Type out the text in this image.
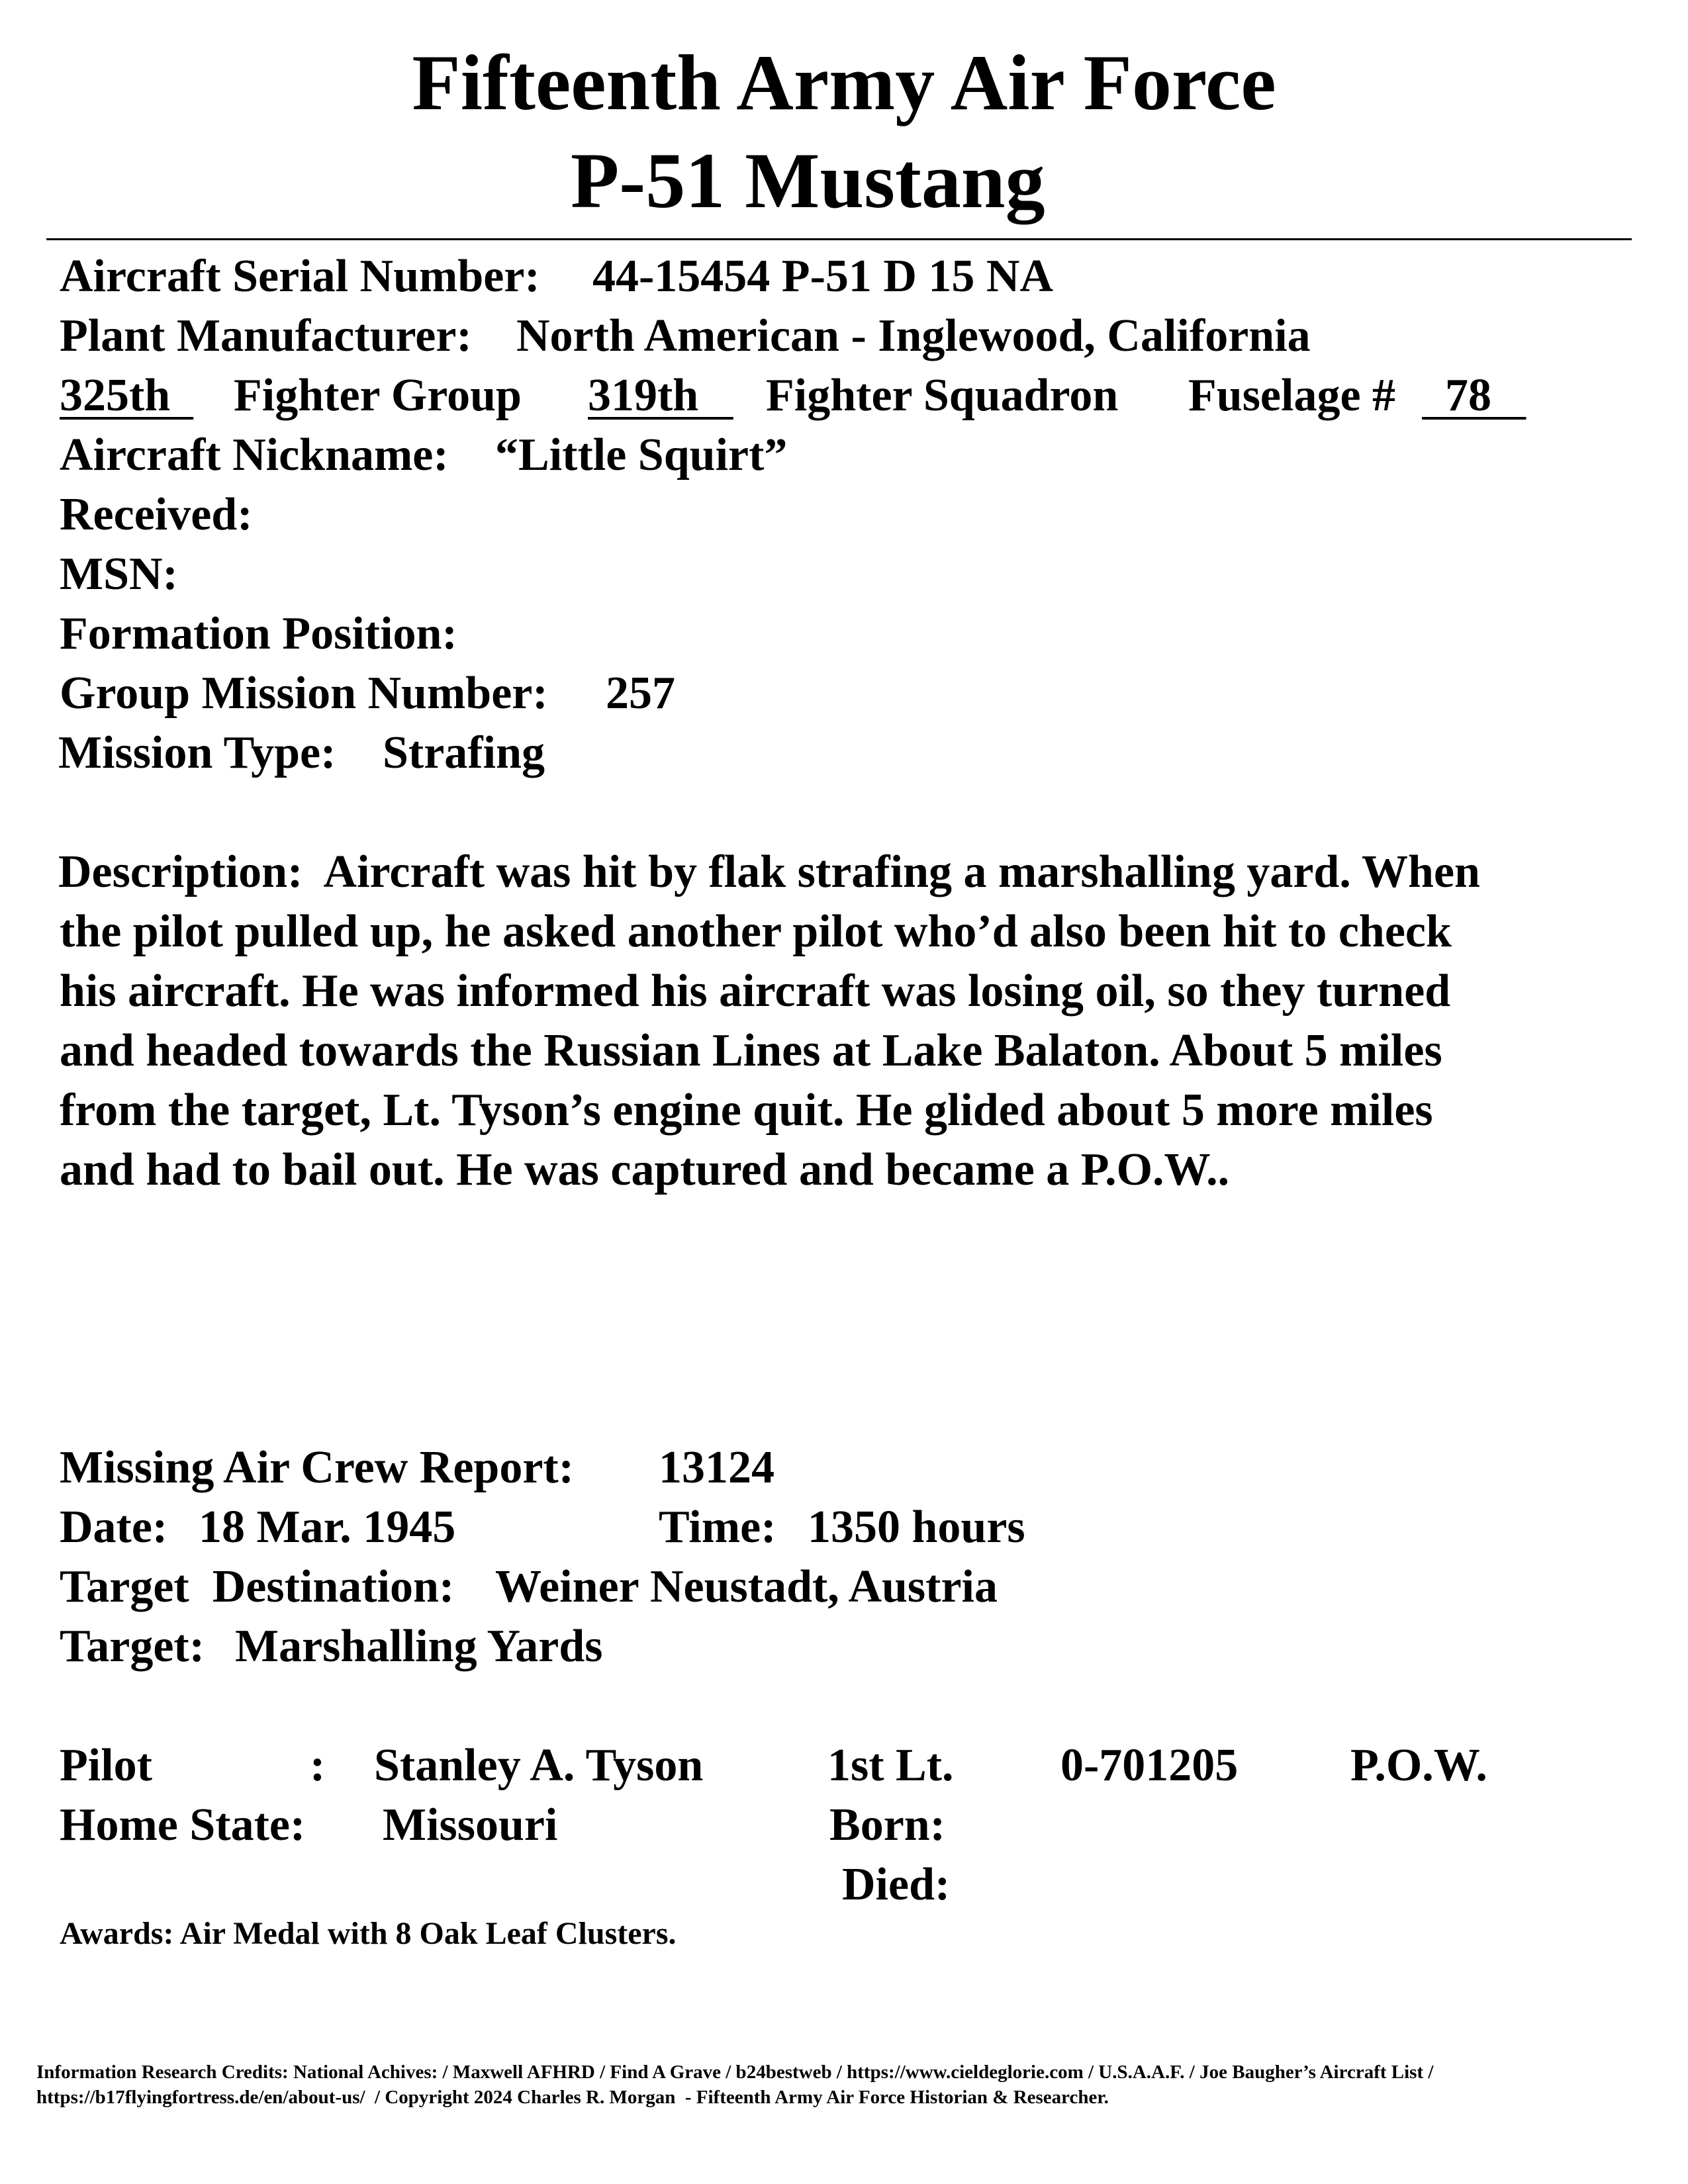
Fifteenth Army Air Force
P-51 Mustang
Aircraft Serial Number: 44-15454 P-51 D 15 NA
Plant Manufacturer: North American - Inglewood, California
325th Fighter Group 319th Fighter Squadron Fuselage # 78
Aircraft Nickname: “Little Squirt”
Received:
MSN:
Formation Position:
Group Mission Number: 257
Mission Type: Strafing
Description:  Aircraft was hit by flak strafing a marshalling yard. When
the pilot pulled up, he asked another pilot who’d also been hit to check
his aircraft. He was informed his aircraft was losing oil, so they turned
and headed towards the Russian Lines at Lake Balaton. About 5 miles
from the target, Lt. Tyson’s engine quit. He glided about 5 more miles
and had to bail out. He was captured and became a P.O.W..
Missing Air Crew Report: 13124
Date: 18 Mar. 1945	Time: 1350 hours
Target  Destination: Weiner Neustadt, Austria
Target: Marshalling Yards
Pilot	: Stanley A. Tyson	1st Lt. 0-701205 P.O.W.
Home State: Missouri	Born:
Died:
Awards: Air Medal with 8 Oak Leaf Clusters.
Information Research Credits: National Achives: / Maxwell AFHRD / Find A Grave / b24bestweb / https://www.cieldeglorie.com / U.S.A.A.F. / Joe Baugher’s Aircraft List /
https://b17flyingfortress.de/en/about-us/  / Copyright 2024 Charles R. Morgan  - Fifteenth Army Air Force Historian & Researcher.
